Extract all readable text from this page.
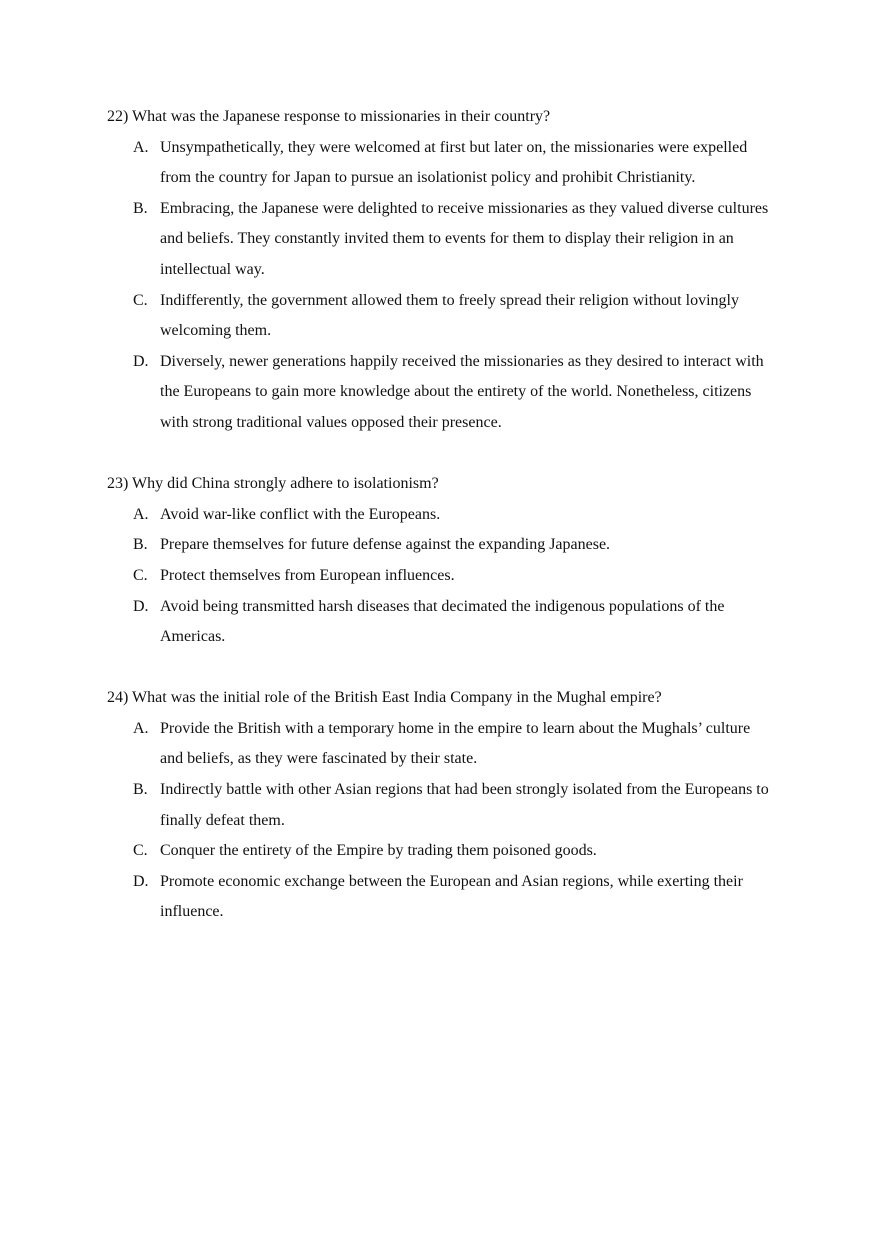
22) What was the Japanese response to missionaries in their country?
A. Unsympathetically, they were welcomed at first but later on, the missionaries were expelled from the country for Japan to pursue an isolationist policy and prohibit Christianity.
B. Embracing, the Japanese were delighted to receive missionaries as they valued diverse cultures and beliefs. They constantly invited them to events for them to display their religion in an intellectual way.
C. Indifferently, the government allowed them to freely spread their religion without lovingly welcoming them.
D. Diversely, newer generations happily received the missionaries as they desired to interact with the Europeans to gain more knowledge about the entirety of the world. Nonetheless, citizens with strong traditional values opposed their presence.
23) Why did China strongly adhere to isolationism?
A. Avoid war-like conflict with the Europeans.
B. Prepare themselves for future defense against the expanding Japanese.
C. Protect themselves from European influences.
D. Avoid being transmitted harsh diseases that decimated the indigenous populations of the Americas.
24) What was the initial role of the British East India Company in the Mughal empire?
A. Provide the British with a temporary home in the empire to learn about the Mughals’ culture and beliefs, as they were fascinated by their state.
B. Indirectly battle with other Asian regions that had been strongly isolated from the Europeans to finally defeat them.
C. Conquer the entirety of the Empire by trading them poisoned goods.
D. Promote economic exchange between the European and Asian regions, while exerting their influence.
